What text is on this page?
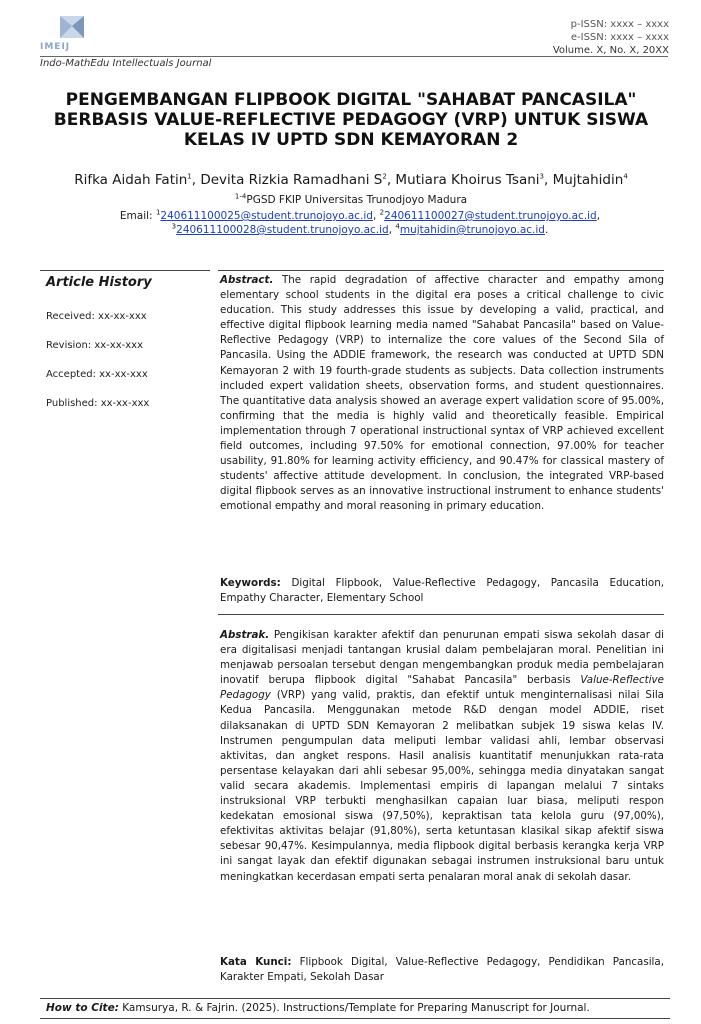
IMEIJ
Indo-MathEdu Intellectuals Journal
p-ISSN: xxxx – xxxx
e-ISSN: xxxx – xxxx
Volume. X, No. X, 20XX
PENGEMBANGAN FLIPBOOK DIGITAL "SAHABAT PANCASILA" BERBASIS VALUE-REFLECTIVE PEDAGOGY (VRP) UNTUK SISWA KELAS IV UPTD SDN KEMAYORAN 2
Rifka Aidah Fatin$^1$, Devita Rizkia Ramadhani $S^2$, Mutiara Khoirus Tsani$^3$, Mujtahidin$^4$
$^{1-4}$PGSD FKIP Universitas Trunodjoyo Madura
Email: $^1$240611100025@student.trunojoyo.ac.id, $^2$240611100027@student.trunojoyo.ac.id,
$^3$240611100028@student.trunojoyo.ac.id, $^4$mujtahidin@trunojoyo.ac.id.
Article History
Received: xx-xx-xxx
Revision: xx-xx-xxx
Accepted: xx-xx-xxx
Published: xx-xx-xxx
Abstract. The rapid degradation of affective character and empathy among elementary school students in the digital era poses a critical challenge to civic education. This study addresses this issue by developing a valid, practical, and effective digital flipbook learning media named "Sahabat Pancasila" based on Value-Reflective Pedagogy (VRP) to internalize the core values of the Second Sila of Pancasila. Using the ADDIE framework, the research was conducted at UPTD SDN Kemayoran 2 with 19 fourth-grade students as subjects. Data collection instruments included expert validation sheets, observation forms, and student questionnaires. The quantitative data analysis showed an average expert validation score of 95.00%, confirming that the media is highly valid and theoretically feasible. Empirical implementation through 7 operational instructional syntax of VRP achieved excellent field outcomes, including 97.50% for emotional connection, 97.00% for teacher usability, 91.80% for learning activity efficiency, and 90.47% for classical mastery of students' affective attitude development. In conclusion, the integrated VRP-based digital flipbook serves as an innovative instructional instrument to enhance students' emotional empathy and moral reasoning in primary education.
Keywords: Digital Flipbook, Value-Reflective Pedagogy, Pancasila Education, Empathy Character, Elementary School
Abstrak. Pengikisan karakter afektif dan penurunan empati siswa sekolah dasar di era digitalisasi menjadi tantangan krusial dalam pembelajaran moral. Penelitian ini menjawab persoalan tersebut dengan mengembangkan produk media pembelajaran inovatif berupa flipbook digital "Sahabat Pancasila" berbasis Value-Reflective Pedagogy (VRP) yang valid, praktis, dan efektif untuk menginternalisasi nilai Sila Kedua Pancasila. Menggunakan metode R&D dengan model ADDIE, riset dilaksanakan di UPTD SDN Kemayoran 2 melibatkan subjek 19 siswa kelas IV. Instrumen pengumpulan data meliputi lembar validasi ahli, lembar observasi aktivitas, dan angket respons. Hasil analisis kuantitatif menunjukkan rata-rata persentase kelayakan dari ahli sebesar 95,00%, sehingga media dinyatakan sangat valid secara akademis. Implementasi empiris di lapangan melalui 7 sintaks instruksional VRP terbukti menghasilkan capaian luar biasa, meliputi respon kedekatan emosional siswa (97,50%), kepraktisan tata kelola guru (97,00%), efektivitas aktivitas belajar (91,80%), serta ketuntasan klasikal sikap afektif siswa sebesar 90,47%. Kesimpulannya, media flipbook digital berbasis kerangka kerja VRP ini sangat layak dan efektif digunakan sebagai instrumen instruksional baru untuk meningkatkan kecerdasan empati serta penalaran moral anak di sekolah dasar.
Kata Kunci: Flipbook Digital, Value-Reflective Pedagogy, Pendidikan Pancasila, Karakter Empati, Sekolah Dasar
How to Cite: Kamsurya, R. & Fajrin. (2025). Instructions/Template for Preparing Manuscript for Journal.
